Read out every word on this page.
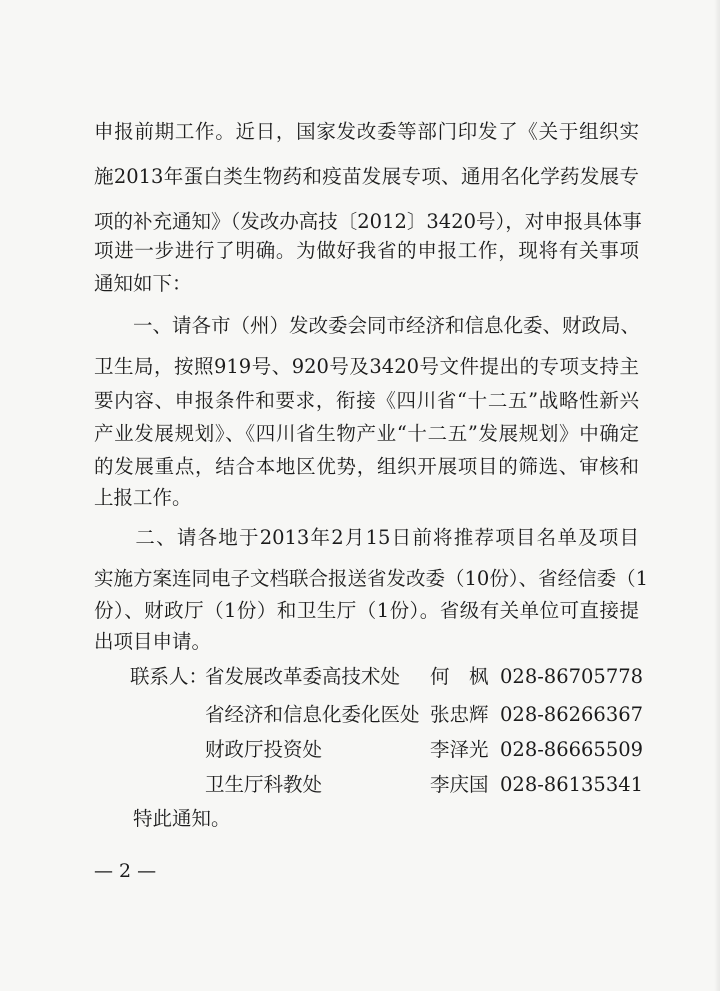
申报前期工作。近日，国家发改委等部门印发了《关于组织实
施2013年蛋白类生物药和疫苗发展专项、通用名化学药发展专
项的补充通知》（发改办高技〔2012〕3420号），对申报具体事
项进一步进行了明确。为做好我省的申报工作，现将有关事项
通知如下：
　　一、请各市（州）发改委会同市经济和信息化委、财政局、
卫生局，按照919号、920号及3420号文件提出的专项支持主
要内容、申报条件和要求，衔接《四川省“十二五”战略性新兴
产业发展规划》、《四川省生物产业“十二五”发展规划》中确定
的发展重点，结合本地区优势，组织开展项目的筛选、审核和
上报工作。
　　二、请各地于2013年2月15日前将推荐项目名单及项目
实施方案连同电子文档联合报送省发改委（10份）、省经信委（1
份）、财政厅（1份）和卫生厅（1份）。省级有关单位可直接提
出项目申请。
联系人：
省发展改革委高技术处 何　枫 028-86705778
省经济和信息化委化医处 张忠辉 028-86266367
财政厅投资处	李泽光 028-86665509
卫生厅科教处	李庆国 028-86135341
　　特此通知。
— 2 —
